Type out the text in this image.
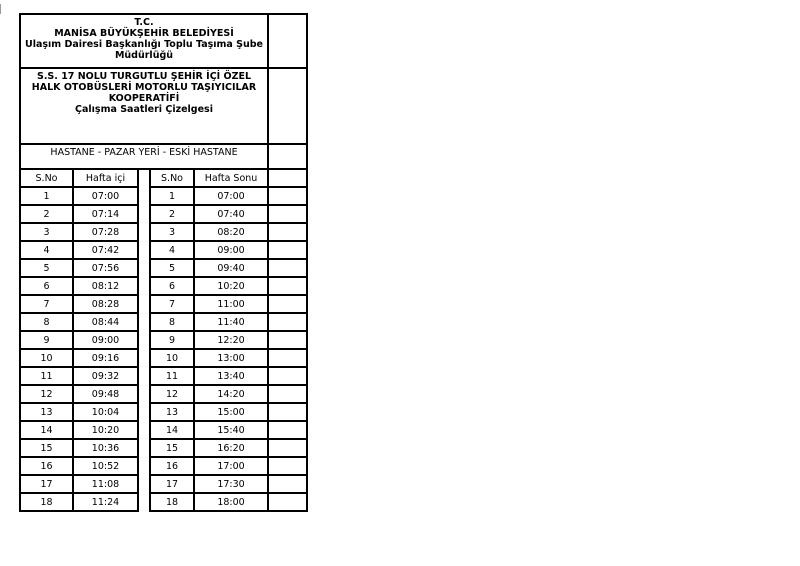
T.C.
MANİSA BÜYÜKŞEHİR BELEDİYESİ
Ulaşım Dairesi Başkanlığı Toplu Taşıma Şube Müdürlüğü					

S.S. 17 NOLU TURGUTLU ŞEHİR İÇİ ÖZEL HALK OTOBÜSLERİ MOTORLU TAŞIYICILAR KOOPERATİFİ
Çalışma Saatleri Çizelgesi					

HASTANE - PAZAR YERİ - ESKİ HASTANE					
S.No	Hafta içi		S.No	Hafta Sonu	
1	07:00		1	07:00	
2	07:14		2	07:40	
3	07:28		3	08:20	
4	07:42		4	09:00	
5	07:56		5	09:40	
6	08:12		6	10:20	
7	08:28		7	11:00	
8	08:44		8	11:40	
9	09:00		9	12:20	
10	09:16		10	13:00	
11	09:32		11	13:40	
12	09:48		12	14:20	
13	10:04		13	15:00	
14	10:20		14	15:40	
15	10:36		15	16:20	
16	10:52		16	17:00	
17	11:08		17	17:30	
18	11:24		18	18:00	
